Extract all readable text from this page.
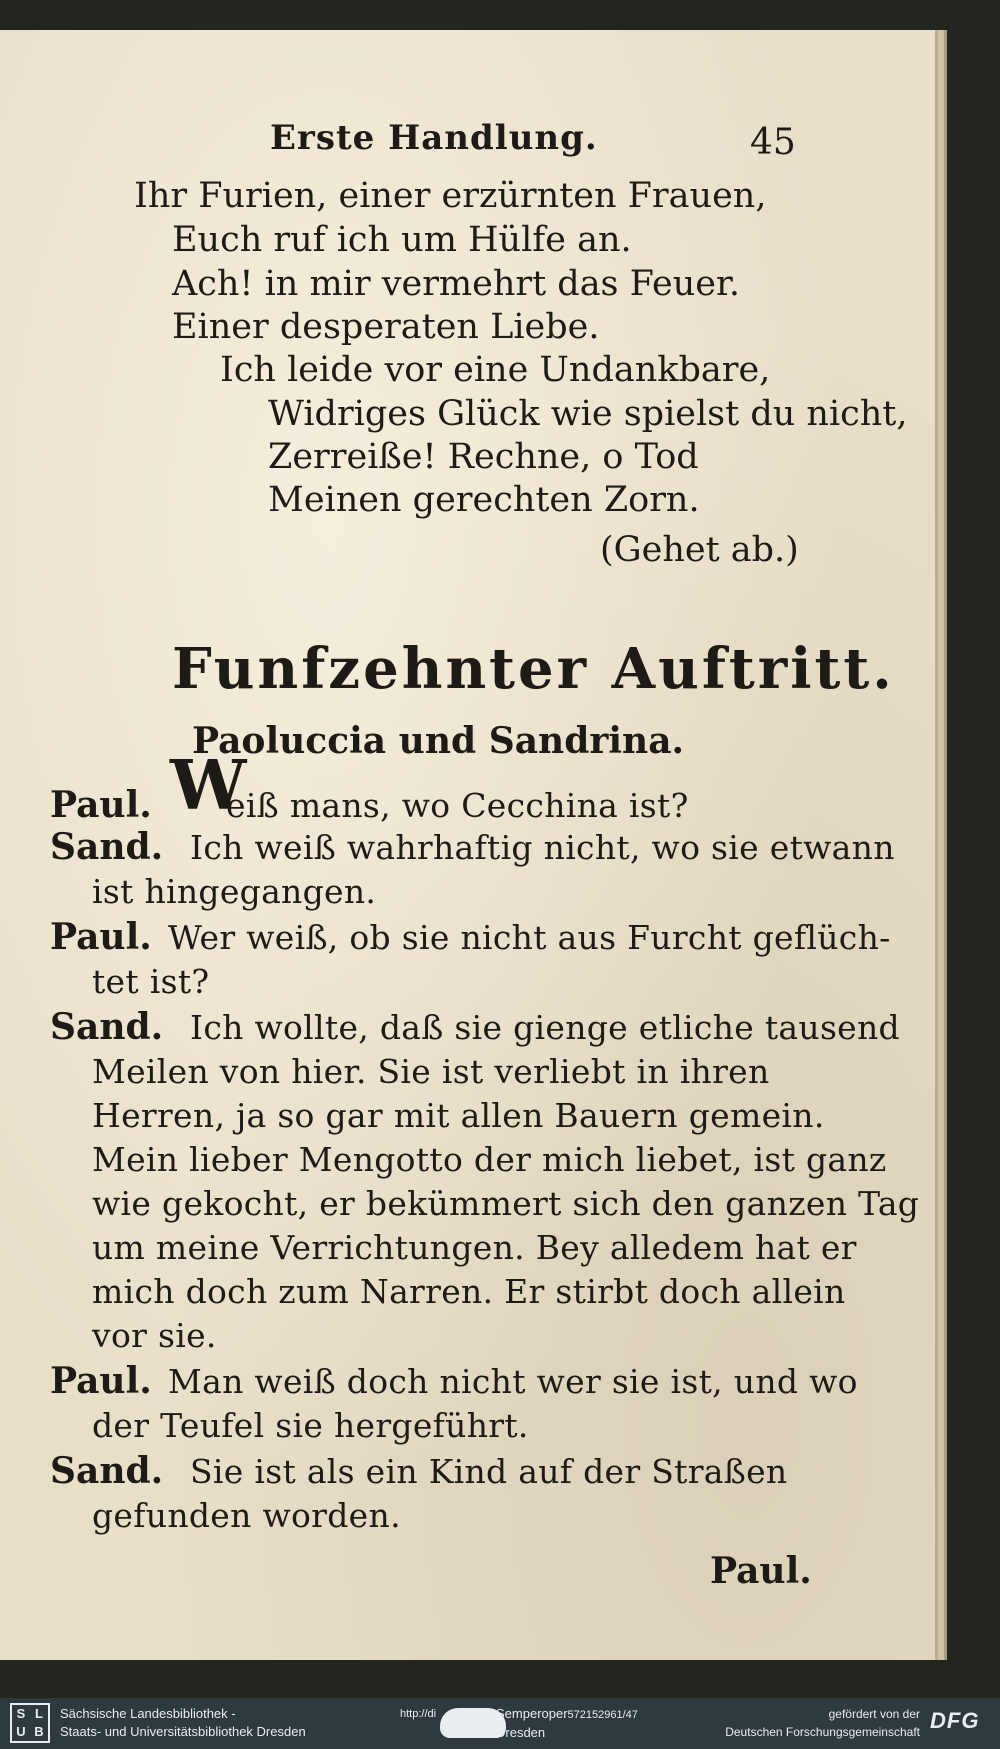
Erste Handlung.	45
Ihr Furien, einer erzürnten Frauen,
Euch ruf ich um Hülfe an.
Ach! in mir vermehrt das Feuer.
Einer desperaten Liebe.
Ich leide vor eine Undankbare,
Widriges Glück wie spielst du nicht,
Zerreiße! Rechne, o Tod
Meinen gerechten Zorn.
(Gehet ab.)
Funfzehnter Auftritt.
Paoluccia und Sandrina.
Paul. W
eiß mans, wo Cecchina ist?
Sand. Ich weiß wahrhaftig nicht, wo sie etwann
ist hingegangen.
Paul. Wer weiß, ob sie nicht aus Furcht geflüch-
tet ist?
Sand. Ich wollte, daß sie gienge etliche tausend
Meilen von hier. Sie ist verliebt in ihren
Herren, ja so gar mit allen Bauern gemein.
Mein lieber Mengotto der mich liebet, ist ganz
wie gekocht, er bekümmert sich den ganzen Tag
um meine Verrichtungen. Bey alledem hat er
mich doch zum Narren. Er stirbt doch allein
vor sie.
Paul. Man weiß doch nicht wer sie ist, und wo
der Teufel sie hergeführt.
Sand. Sie ist als ein Kind auf der Straßen
gefunden worden.
Paul.
S L
U B
Sächsische Landesbibliothek -
Staats- und Universitätsbibliothek Dresden
http://di	Semperoper572152961/47
Dresden
gefördert von der
Deutschen Forschungsgemeinschaft DFG
